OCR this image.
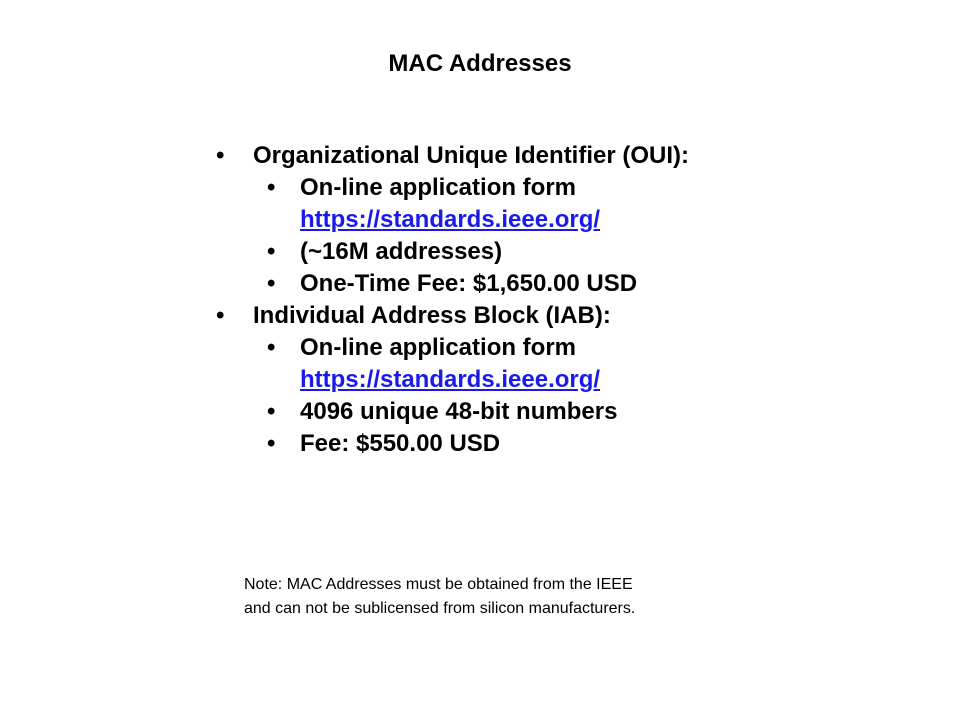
MAC Addresses
•	Organizational Unique Identifier (OUI):
•	On-line application form
https://standards.ieee.org/
•	(~16M addresses)
•	One-Time Fee: $1,650.00 USD
•	Individual Address Block (IAB):
•	On-line application form
https://standards.ieee.org/
•	4096 unique 48-bit numbers
•	Fee: $550.00 USD
Note: MAC Addresses must be obtained from the IEEE
and can not be sublicensed from silicon manufacturers.
